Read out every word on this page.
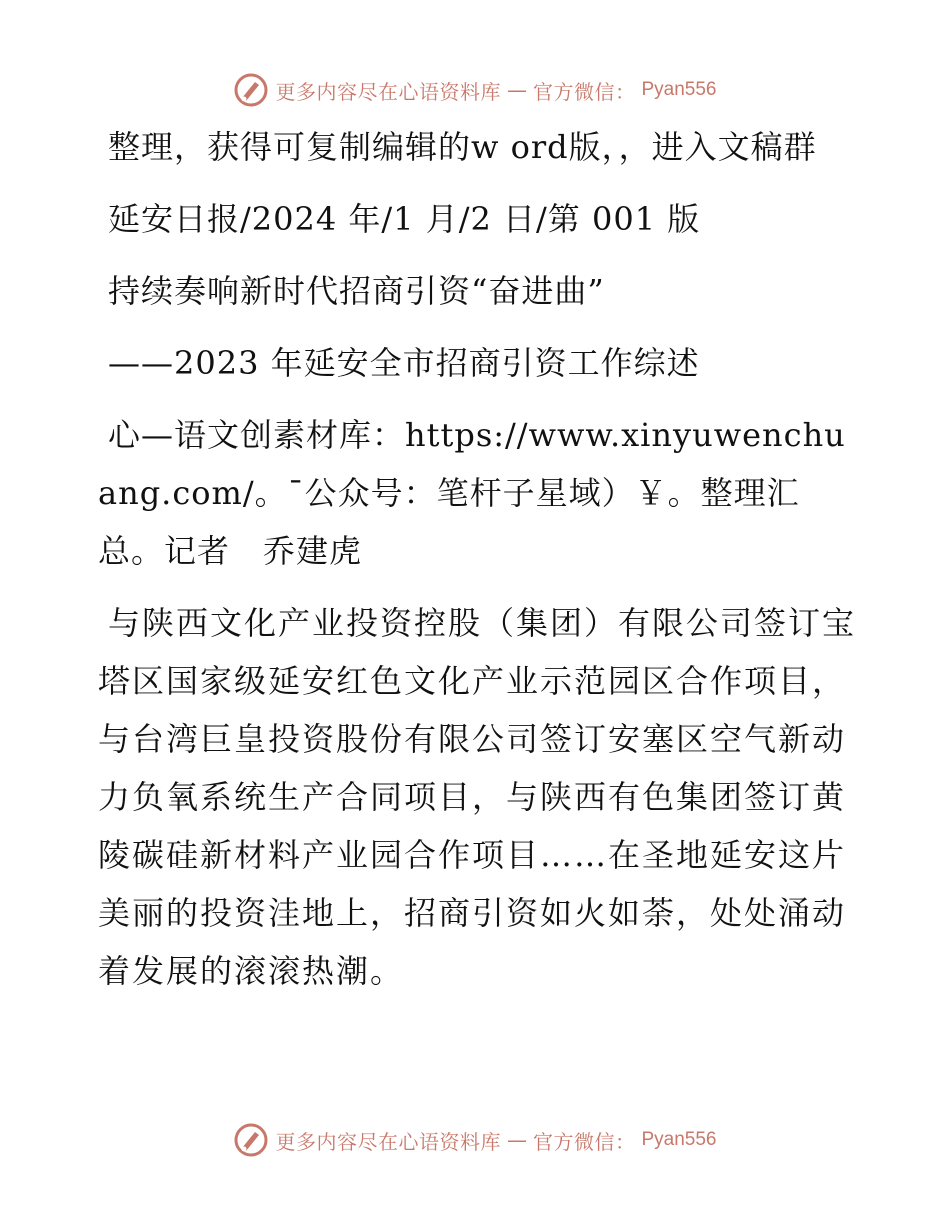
更多内容尽在心语资料库 — 官方微信： Pyan556

整理，获得可复制编辑的w ord版，，进入文稿群

延安日报/2024 年/1 月/2 日/第 001 版

持续奏响新时代招商引资“奋进曲”

——2023 年延安全市招商引资工作综述

心—语文创素材库：https://www.xinyuwenchuang.com/。¯公众号：笔杆子星域）￥。整理汇总。记者　乔建虎

与陕西文化产业投资控股（集团）有限公司签订宝塔区国家级延安红色文化产业示范园区合作项目，与台湾巨皇投资股份有限公司签订安塞区空气新动力负氧系统生产合同项目，与陕西有色集团签订黄陵碳硅新材料产业园合作项目……在圣地延安这片美丽的投资洼地上，招商引资如火如荼，处处涌动着发展的滚滚热潮。

更多内容尽在心语资料库 — 官方微信： Pyan556
